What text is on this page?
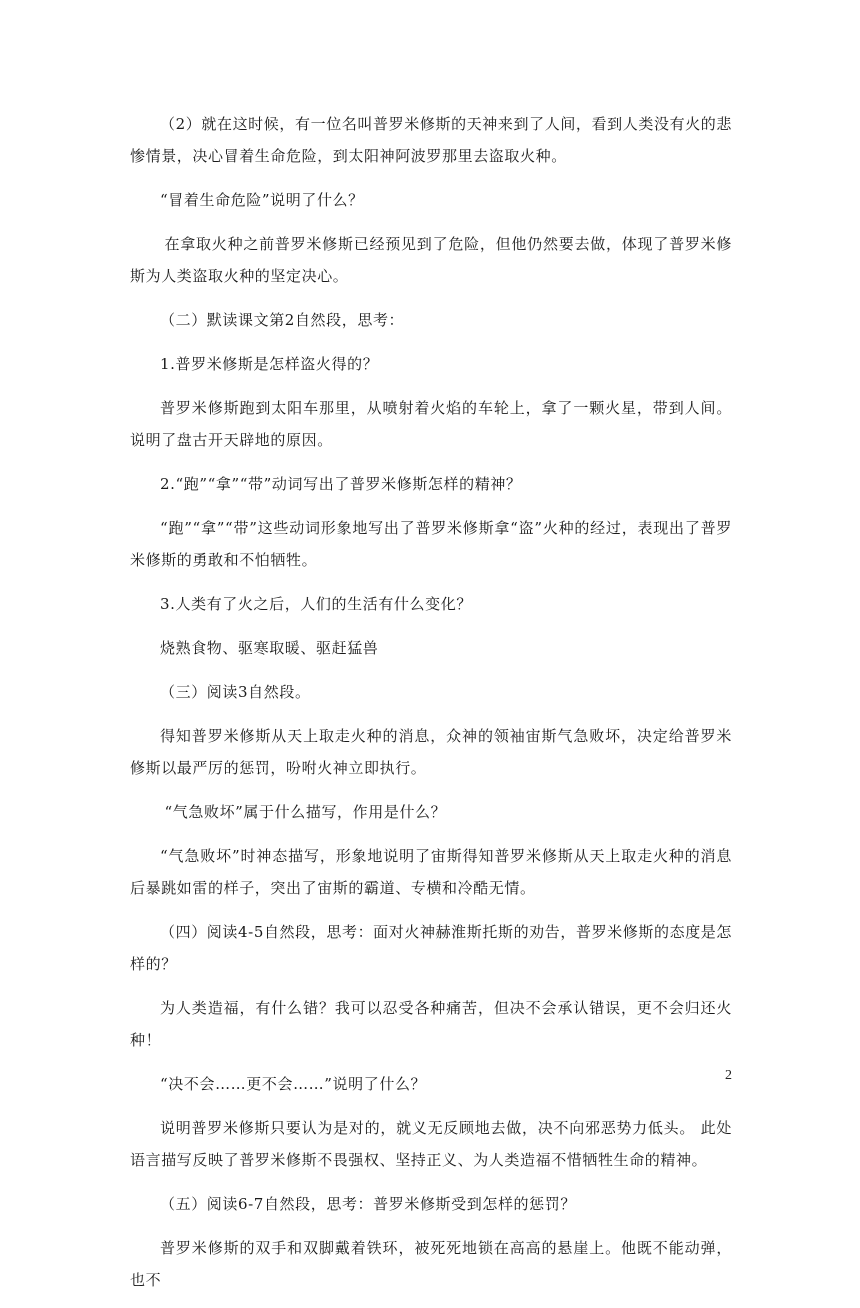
（2）就在这时候，有一位名叫普罗米修斯的天神来到了人间，看到人类没有火的悲惨情景，决心冒着生命危险，到太阳神阿波罗那里去盗取火种。

“冒着生命危险”说明了什么？

在拿取火种之前普罗米修斯已经预见到了危险，但他仍然要去做，体现了普罗米修斯为人类盗取火种的坚定决心。

（二）默读课文第2自然段，思考：

1.普罗米修斯是怎样盗火得的？

普罗米修斯跑到太阳车那里，从喷射着火焰的车轮上，拿了一颗火星，带到人间。说明了盘古开天辟地的原因。

2.“跑”“拿”“带”动词写出了普罗米修斯怎样的精神？

“跑”“拿”“带”这些动词形象地写出了普罗米修斯拿“盗”火种的经过，表现出了普罗米修斯的勇敢和不怕牺牲。

3.人类有了火之后，人们的生活有什么变化？

烧熟食物、驱寒取暖、驱赶猛兽

（三）阅读3自然段。

得知普罗米修斯从天上取走火种的消息，众神的领袖宙斯气急败坏，决定给普罗米修斯以最严厉的惩罚，吩咐火神立即执行。

“气急败坏”属于什么描写，作用是什么？

“气急败坏”时神态描写，形象地说明了宙斯得知普罗米修斯从天上取走火种的消息后暴跳如雷的样子，突出了宙斯的霸道、专横和冷酷无情。

（四）阅读4-5自然段，思考：面对火神赫淮斯托斯的劝告，普罗米修斯的态度是怎样的？

为人类造福，有什么错？我可以忍受各种痛苦，但决不会承认错误，更不会归还火种！

“决不会……更不会……”说明了什么？

说明普罗米修斯只要认为是对的，就义无反顾地去做，决不向邪恶势力低头。 此处语言描写反映了普罗米修斯不畏强权、坚持正义、为人类造福不惜牺牲生命的精神。

（五）阅读6-7自然段，思考：普罗米修斯受到怎样的惩罚？

普罗米修斯的双手和双脚戴着铁环，被死死地锁在高高的悬崖上。他既不能动弹，也不

2
